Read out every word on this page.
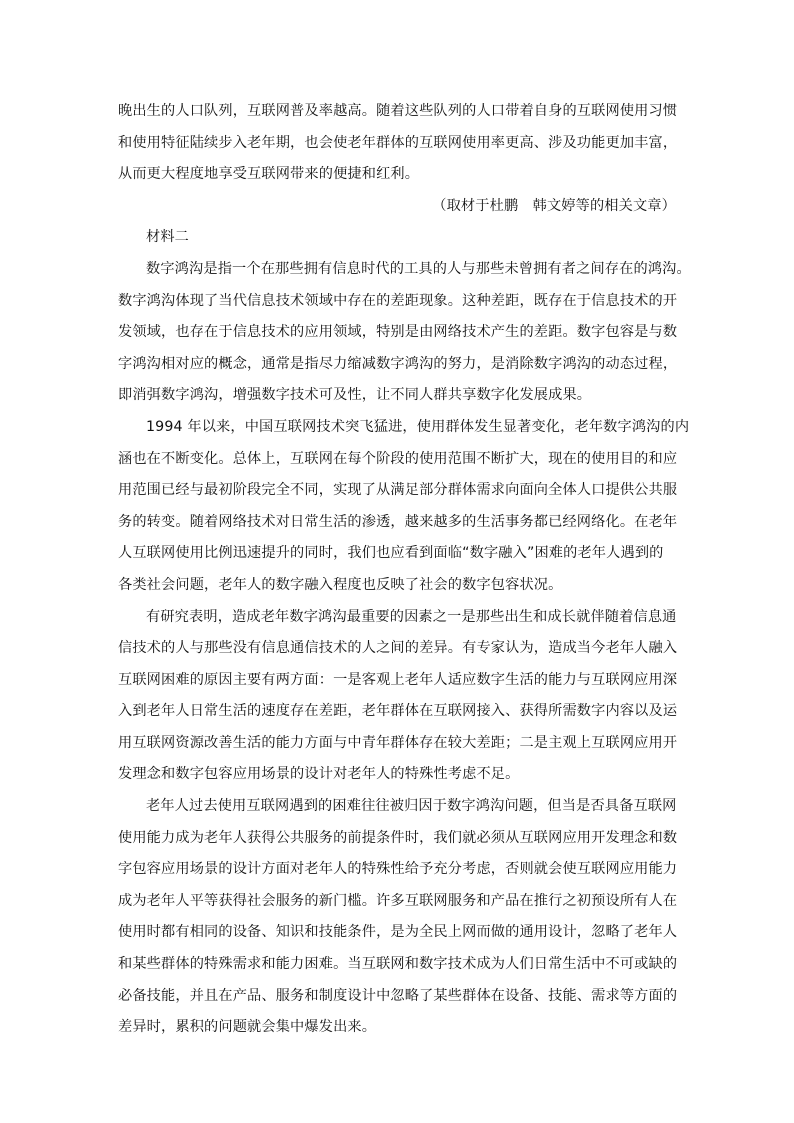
晚出生的人口队列，互联网普及率越高。随着这些队列的人口带着自身的互联网使用习惯
和使用特征陆续步入老年期，也会使老年群体的互联网使用率更高、涉及功能更加丰富，
从而更大程度地享受互联网带来的便捷和红利。
（取材于杜鹏　韩文婷等的相关文章）
材料二
数字鸿沟是指一个在那些拥有信息时代的工具的人与那些未曾拥有者之间存在的鸿沟。
数字鸿沟体现了当代信息技术领域中存在的差距现象。这种差距，既存在于信息技术的开
发领域，也存在于信息技术的应用领域，特别是由网络技术产生的差距。数字包容是与数
字鸿沟相对应的概念，通常是指尽力缩减数字鸿沟的努力，是消除数字鸿沟的动态过程，
即消弭数字鸿沟，增强数字技术可及性，让不同人群共享数字化发展成果。
1994 年以来，中国互联网技术突飞猛进，使用群体发生显著变化，老年数字鸿沟的内
涵也在不断变化。总体上，互联网在每个阶段的使用范围不断扩大，现在的使用目的和应
用范围已经与最初阶段完全不同，实现了从满足部分群体需求向面向全体人口提供公共服
务的转变。随着网络技术对日常生活的渗透，越来越多的生活事务都已经网络化。在老年
人互联网使用比例迅速提升的同时，我们也应看到面临“数字融入”困难的老年人遇到的
各类社会问题，老年人的数字融入程度也反映了社会的数字包容状况。
有研究表明，造成老年数字鸿沟最重要的因素之一是那些出生和成长就伴随着信息通
信技术的人与那些没有信息通信技术的人之间的差异。有专家认为，造成当今老年人融入
互联网困难的原因主要有两方面：一是客观上老年人适应数字生活的能力与互联网应用深
入到老年人日常生活的速度存在差距，老年群体在互联网接入、获得所需数字内容以及运
用互联网资源改善生活的能力方面与中青年群体存在较大差距；二是主观上互联网应用开
发理念和数字包容应用场景的设计对老年人的特殊性考虑不足。
老年人过去使用互联网遇到的困难往往被归因于数字鸿沟问题，但当是否具备互联网
使用能力成为老年人获得公共服务的前提条件时，我们就必须从互联网应用开发理念和数
字包容应用场景的设计方面对老年人的特殊性给予充分考虑，否则就会使互联网应用能力
成为老年人平等获得社会服务的新门槛。许多互联网服务和产品在推行之初预设所有人在
使用时都有相同的设备、知识和技能条件，是为全民上网而做的通用设计，忽略了老年人
和某些群体的特殊需求和能力困难。当互联网和数字技术成为人们日常生活中不可或缺的
必备技能，并且在产品、服务和制度设计中忽略了某些群体在设备、技能、需求等方面的
差异时，累积的问题就会集中爆发出来。
